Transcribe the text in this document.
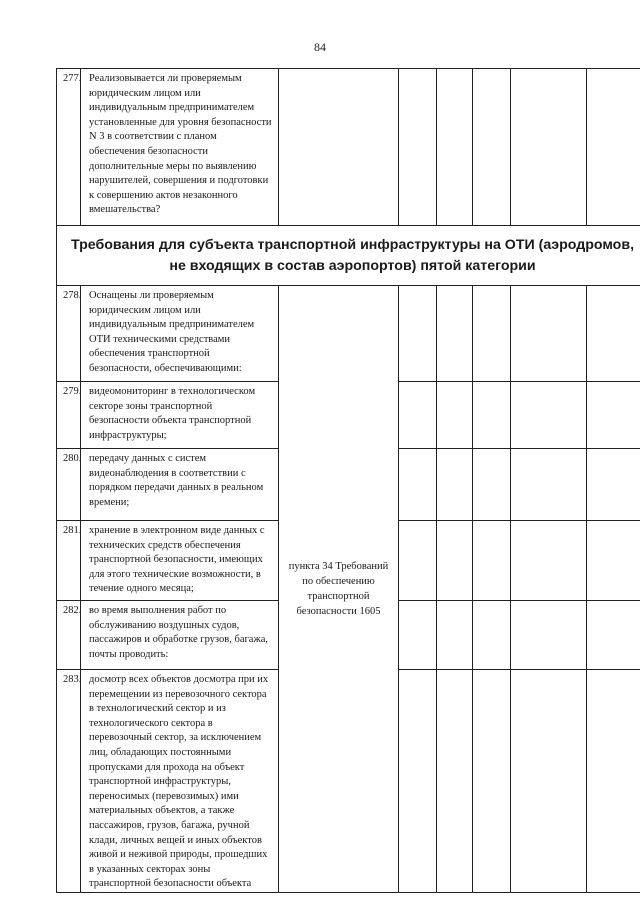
84
277.	Реализовывается ли проверяемым юридическим лицом или индивидуальным предпринимателем установленные для уровня безопасности N 3 в соответствии с планом обеспечения безопасности дополнительные меры по выявлению нарушителей, совершения и подготовки к совершению актов незаконного вмешательства?						
Требования для субъекта транспортной инфраструктуры на ОТИ (аэродромов, не входящих в состав аэропортов) пятой категории							
278.	Оснащены ли проверяемым юридическим лицом или индивидуальным предпринимателем ОТИ техническими средствами обеспечения транспортной безопасности, обеспечивающими:	пункта 34 Требований по обеспечению транспортной безопасности 1605					
279.	видеомониторинг в технологическом секторе зоны транспортной безопасности объекта транспортной инфраструктуры;						
280.	передачу данных с систем видеонаблюдения в соответствии с порядком передачи данных в реальном времени;						
281.	хранение в электронном виде данных с технических средств обеспечения транспортной безопасности, имеющих для этого технические возможности, в течение одного месяца;						
282.	во время выполнения работ по обслуживанию воздушных судов, пассажиров и обработке грузов, багажа, почты проводить:						
283.	досмотр всех объектов досмотра при их перемещении из перевозочного сектора в технологический сектор и из технологического сектора в перевозочный сектор, за исключением лиц, обладающих постоянными пропусками для прохода на объект транспортной инфраструктуры, переносимых (перевозимых) ими материальных объектов, а также пассажиров, грузов, багажа, ручной клади, личных вещей и иных объектов живой и неживой природы, прошедших в указанных секторах зоны транспортной безопасности объекта						
